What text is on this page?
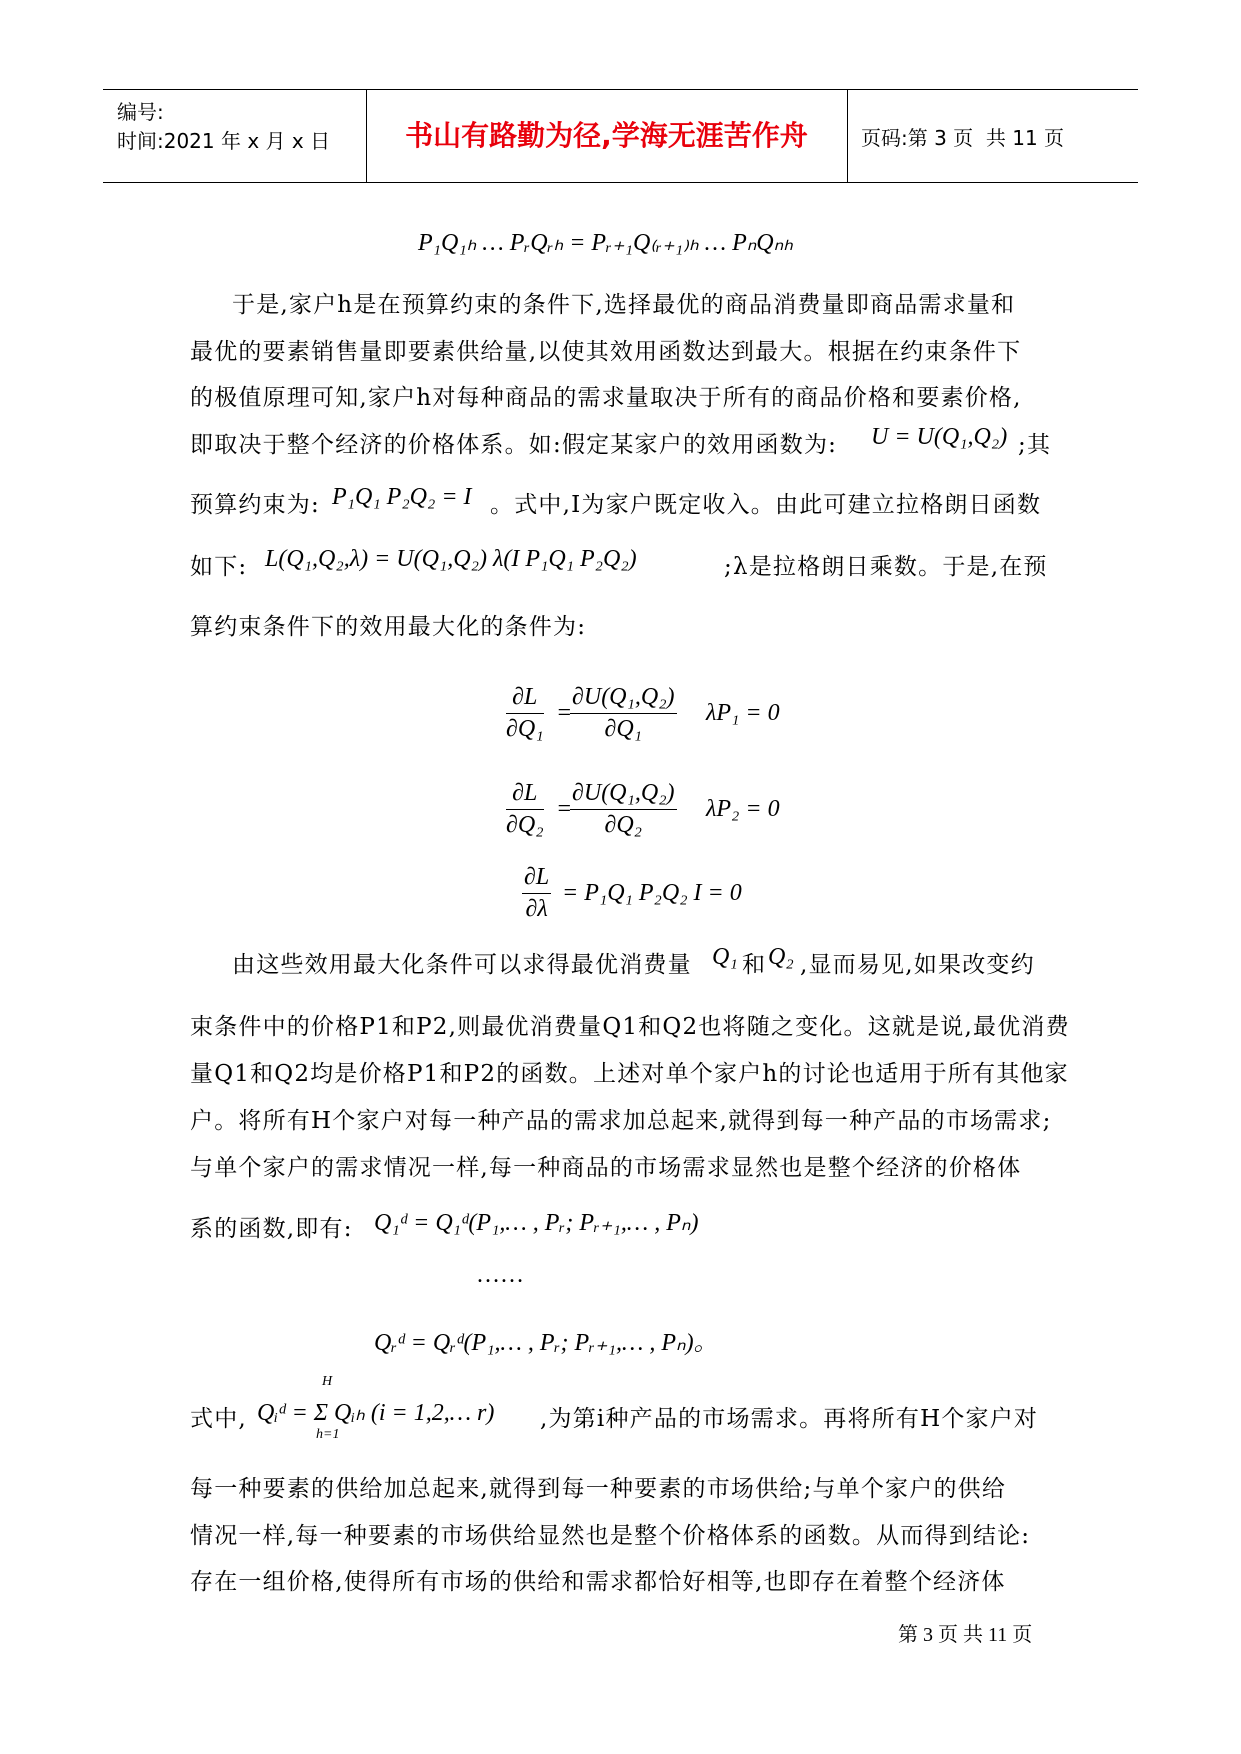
编号:
时间:2021 年 x 月 x 日	书山有路勤为径,学海无涯苦作舟	页码:第 3 页  共 11 页
P₁Q₁ₕ … PᵣQᵣₕ = Pᵣ₊₁Q₍ᵣ₊₁₎ₕ … PₙQₙₕ
于是,家户h是在预算约束的条件下,选择最优的商品消费量即商品需求量和
最优的要素销售量即要素供给量,以使其效用函数达到最大。根据在约束条件下
的极值原理可知,家户h对每种商品的需求量取决于所有的商品价格和要素价格,
即取决于整个经济的价格体系。如:假定某家户的效用函数为: U = U(Q₁,Q₂) ;其
预算约束为: P₁Q₁ P₂Q₂ = I 。式中,I为家户既定收入。由此可建立拉格朗日函数
如下: L(Q₁,Q₂,λ) = U(Q₁,Q₂) λ(I P₁Q₁ P₂Q₂)	;λ是拉格朗日乘数。于是,在预
算约束条件下的效用最大化的条件为:
$\frac{\partial L}{\text{∂Q₁}}$ =
$\frac{\text{∂U(Q₁,Q₂)}}{\text{∂Q₁}} \lambda P_1 = 0$
$\frac{\partial L}{\text{∂Q₂}}$ =
$\frac{\text{∂U(Q₁,Q₂)}}{\text{∂Q₂}} \lambda P_2 = 0$
$\frac{\partial L}{\partial\lambda} = P_1Q_1$ P₂Q₂ I = 0
由这些效用最大化条件可以求得最优消费量 Q₁ 和 Q₂ ,显而易见,如果改变约
束条件中的价格P1和P2,则最优消费量Q1和Q2也将随之变化。这就是说,最优消费
量Q1和Q2均是价格P1和P2的函数。上述对单个家户h的讨论也适用于所有其他家
户。将所有H个家户对每一种产品的需求加总起来,就得到每一种产品的市场需求;
与单个家户的需求情况一样,每一种商品的市场需求显然也是整个经济的价格体
系的函数,即有: Q₁ᵈ = Q₁ᵈ(P₁,… , Pᵣ; Pᵣ₊₁,… , Pₙ)
……
Qᵣᵈ = Qᵣᵈ(P₁,… , Pᵣ; Pᵣ₊₁,… , Pₙ)。
式中, Qᵢᵈ = Σ Qᵢₕ (i = 1,2,… r)
H
h=1
,为第i种产品的市场需求。再将所有H个家户对
每一种要素的供给加总起来,就得到每一种要素的市场供给;与单个家户的供给
情况一样,每一种要素的市场供给显然也是整个价格体系的函数。从而得到结论:
存在一组价格,使得所有市场的供给和需求都恰好相等,也即存在着整个经济体
第 3 页 共 11 页
